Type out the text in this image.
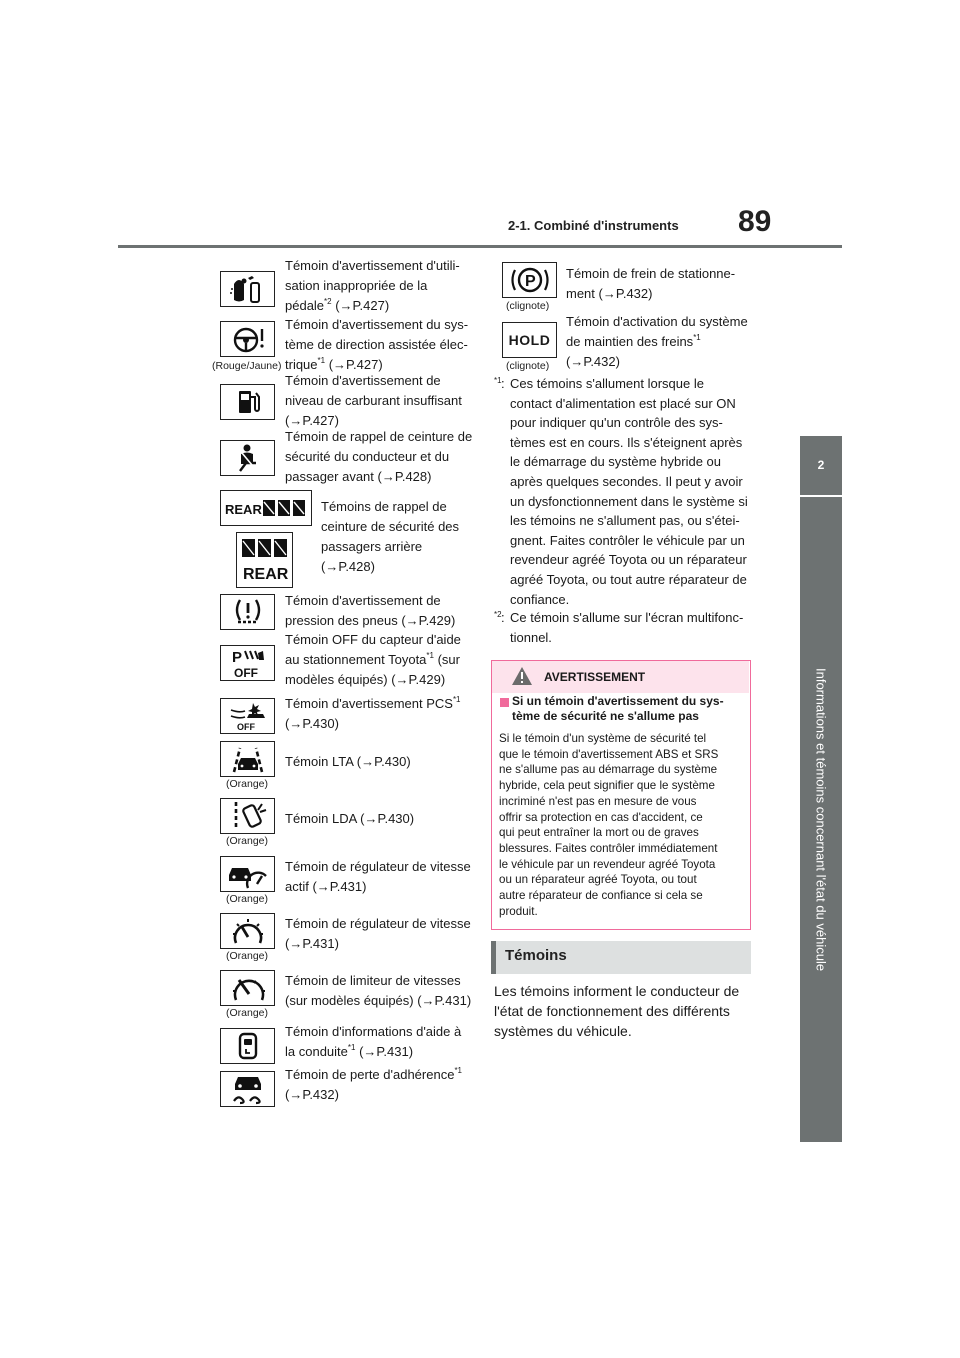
89
2-1. Combiné d'instruments
2
Informations et témoins concernant l'état du véhicule
Témoin d'avertissement d'utili-
sation inappropriée de la
pédale$^{*2}$ (→P.427)
(Rouge/Jaune)
Témoin d'avertissement du sys-
tème de direction assistée élec-
trique$^{*1}$ (→P.427)
Témoin d'avertissement de
niveau de carburant insuffisant
(→P.427)
Témoin de rappel de ceinture de
sécurité du conducteur et du
passager avant (→P.428)
REAR
REAR
Témoins de rappel de
ceinture de sécurité des
passagers arrière
(→P.428)
Témoin d'avertissement de
pression des pneus (→P.429)
P
OFF
Témoin OFF du capteur d'aide
au stationnement Toyota$^{*1}$ (sur
modèles équipés) (→P.429)
OFF
Témoin d'avertissement PCS$^{*1}$
(→P.430)
(Orange)
Témoin LTA (→P.430)
(Orange)
Témoin LDA (→P.430)
(Orange)
Témoin de régulateur de vitesse
actif (→P.431)
(Orange)
Témoin de régulateur de vitesse
(→P.431)
(Orange)
Témoin de limiteur de vitesses
(sur modèles équipés) (→P.431)
Témoin d'informations d'aide à
la conduite$^{*1}$ (→P.431)
Témoin de perte d'adhérence$^{*1}$
(→P.432)
P
(clignote)
Témoin de frein de stationne-
ment (→P.432)
HOLD
(clignote)
Témoin d'activation du système
de maintien des freins$^{*1}$
(→P.432)
*1 : Ces témoins s'allument lorsque le
contact d'alimentation est placé sur ON
pour indiquer qu'un contrôle des sys-
tèmes est en cours. Ils s'éteignent après
le démarrage du système hybride ou
après quelques secondes. Il peut y avoir
un dysfonctionnement dans le système si
les témoins ne s'allument pas, ou s'étei-
gnent. Faites contrôler le véhicule par un
revendeur agréé Toyota ou un réparateur
agréé Toyota, ou tout autre réparateur de
confiance.
*2 : Ce témoin s'allume sur l'écran multifonc-
tionnel.
AVERTISSEMENT
Si un témoin d'avertissement du sys-
tème de sécurité ne s'allume pas
Si le témoin d'un système de sécurité tel
que le témoin d'avertissement ABS et SRS
ne s'allume pas au démarrage du système
hybride, cela peut signifier que le système
incriminé n'est pas en mesure de vous
offrir sa protection en cas d'accident, ce
qui peut entraîner la mort ou de graves
blessures. Faites contrôler immédiatement
le véhicule par un revendeur agréé Toyota
ou un réparateur agréé Toyota, ou tout
autre réparateur de confiance si cela se
produit.
Témoins
Les témoins informent le conducteur de
l'état de fonctionnement des différents
systèmes du véhicule.
